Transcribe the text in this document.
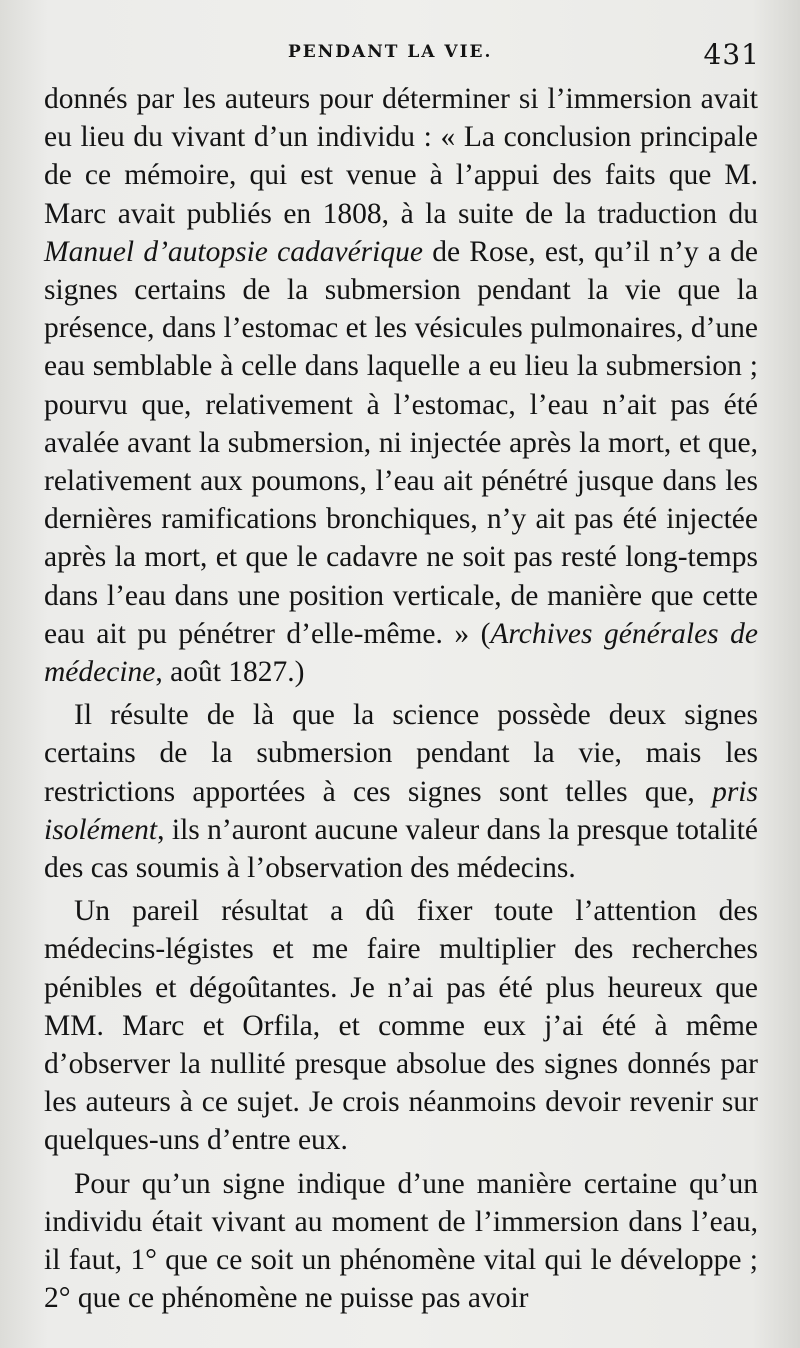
PENDANT LA VIE.	431

donnés par les auteurs pour déterminer si l’immersion avait eu lieu du vivant d’un individu : « La conclusion principale de ce mémoire, qui est venue à l’appui des faits que M. Marc avait publiés en 1808, à la suite de la traduction du Manuel d’autopsie cadavérique de Rose, est, qu’il n’y a de signes certains de la submersion pendant la vie que la présence, dans l’estomac et les vésicules pulmonaires, d’une eau semblable à celle dans laquelle a eu lieu la submersion ; pourvu que, relativement à l’estomac, l’eau n’ait pas été avalée avant la submersion, ni injectée après la mort, et que, relativement aux poumons, l’eau ait pénétré jusque dans les dernières ramifications bronchiques, n’y ait pas été injectée après la mort, et que le cadavre ne soit pas resté long-temps dans l’eau dans une position verticale, de manière que cette eau ait pu pénétrer d’elle-même. » (Archives générales de médecine, août 1827.)

Il résulte de là que la science possède deux signes certains de la submersion pendant la vie, mais les restrictions apportées à ces signes sont telles que, pris isolément, ils n’auront aucune valeur dans la presque totalité des cas soumis à l’observation des médecins.

Un pareil résultat a dû fixer toute l’attention des médecins-légistes et me faire multiplier des recherches pénibles et dégoûtantes. Je n’ai pas été plus heureux que MM. Marc et Orfila, et comme eux j’ai été à même d’observer la nullité presque absolue des signes donnés par les auteurs à ce sujet. Je crois néanmoins devoir revenir sur quelques-uns d’entre eux.

Pour qu’un signe indique d’une manière certaine qu’un individu était vivant au moment de l’immersion dans l’eau, il faut, 1° que ce soit un phénomène vital qui le développe ; 2° que ce phénomène ne puisse pas avoir
